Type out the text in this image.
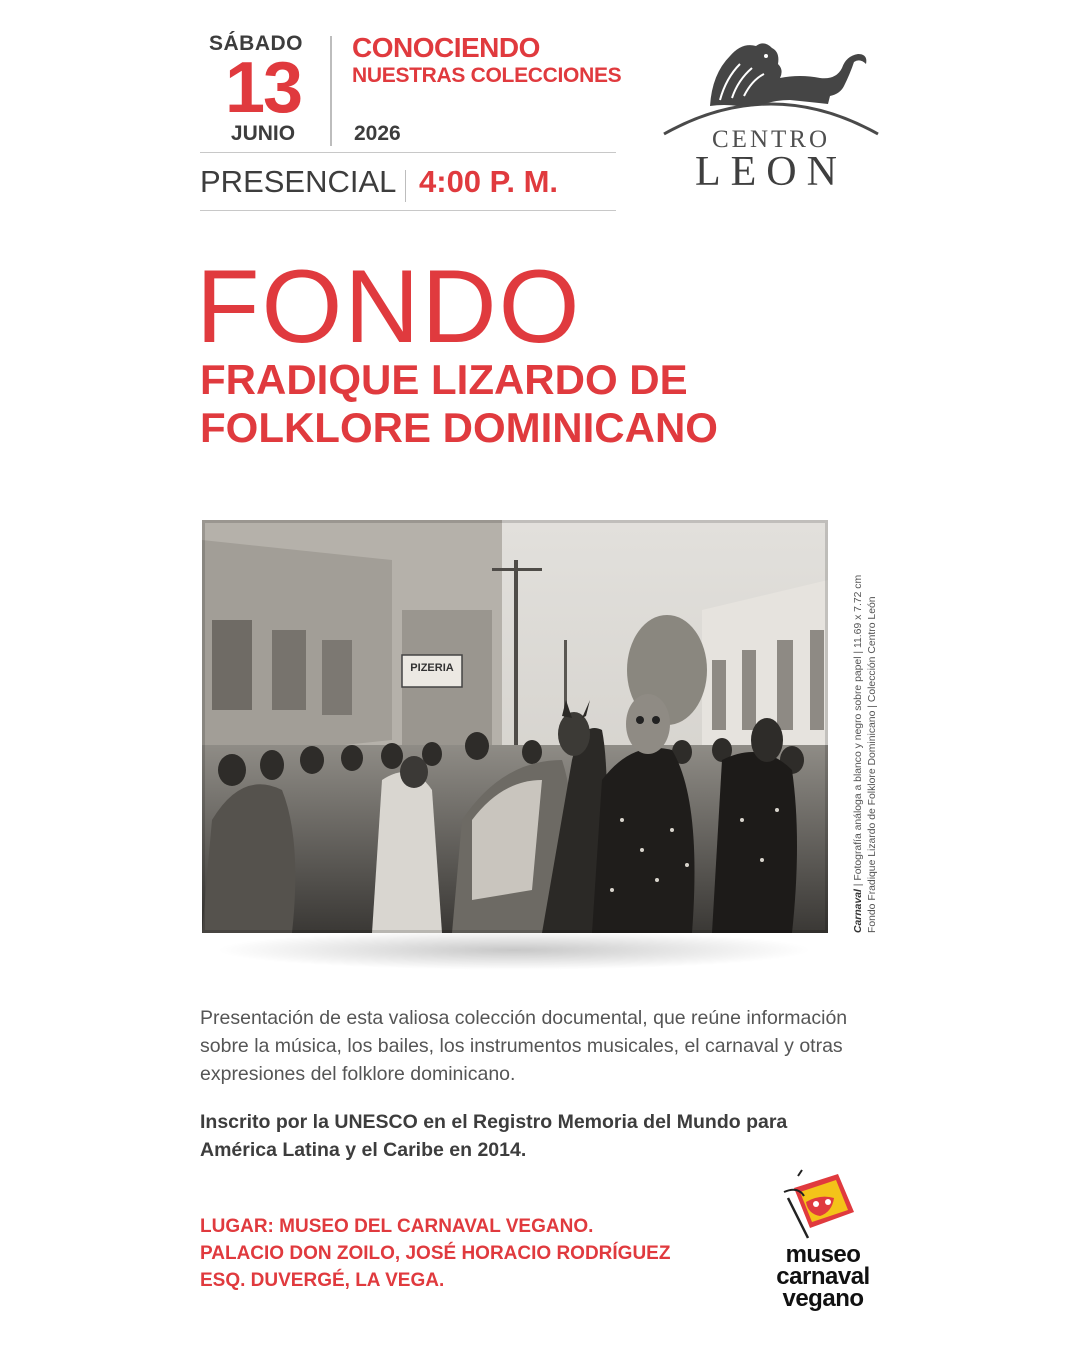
SÁBADO
13
JUNIO
CONOCIENDO
NUESTRAS COLECCIONES
2026
PRESENCIAL 4:00 P. M.
CENTRO
LEON
FONDO
FRADIQUE LIZARDO DE
FOLKLORE DOMINICANO
PIZERIA
Carnaval | Fotografía análoga a blanco y negro sobre papel | 11.69 x 7.72 cm Fondo Fradique Lizardo de Folklore Dominicano | Colección Centro León
Presentación de esta valiosa colección documental, que reúne información sobre la música, los bailes, los instrumentos musicales, el carnaval y otras expresiones del folklore dominicano.
Inscrito por la UNESCO en el Registro Memoria del Mundo para América Latina y el Caribe en 2014.
LUGAR: MUSEO DEL CARNAVAL VEGANO.
PALACIO DON ZOILO, JOSÉ HORACIO RODRÍGUEZ
ESQ. DUVERGÉ, LA VEGA.
museo
carnaval
vegano
